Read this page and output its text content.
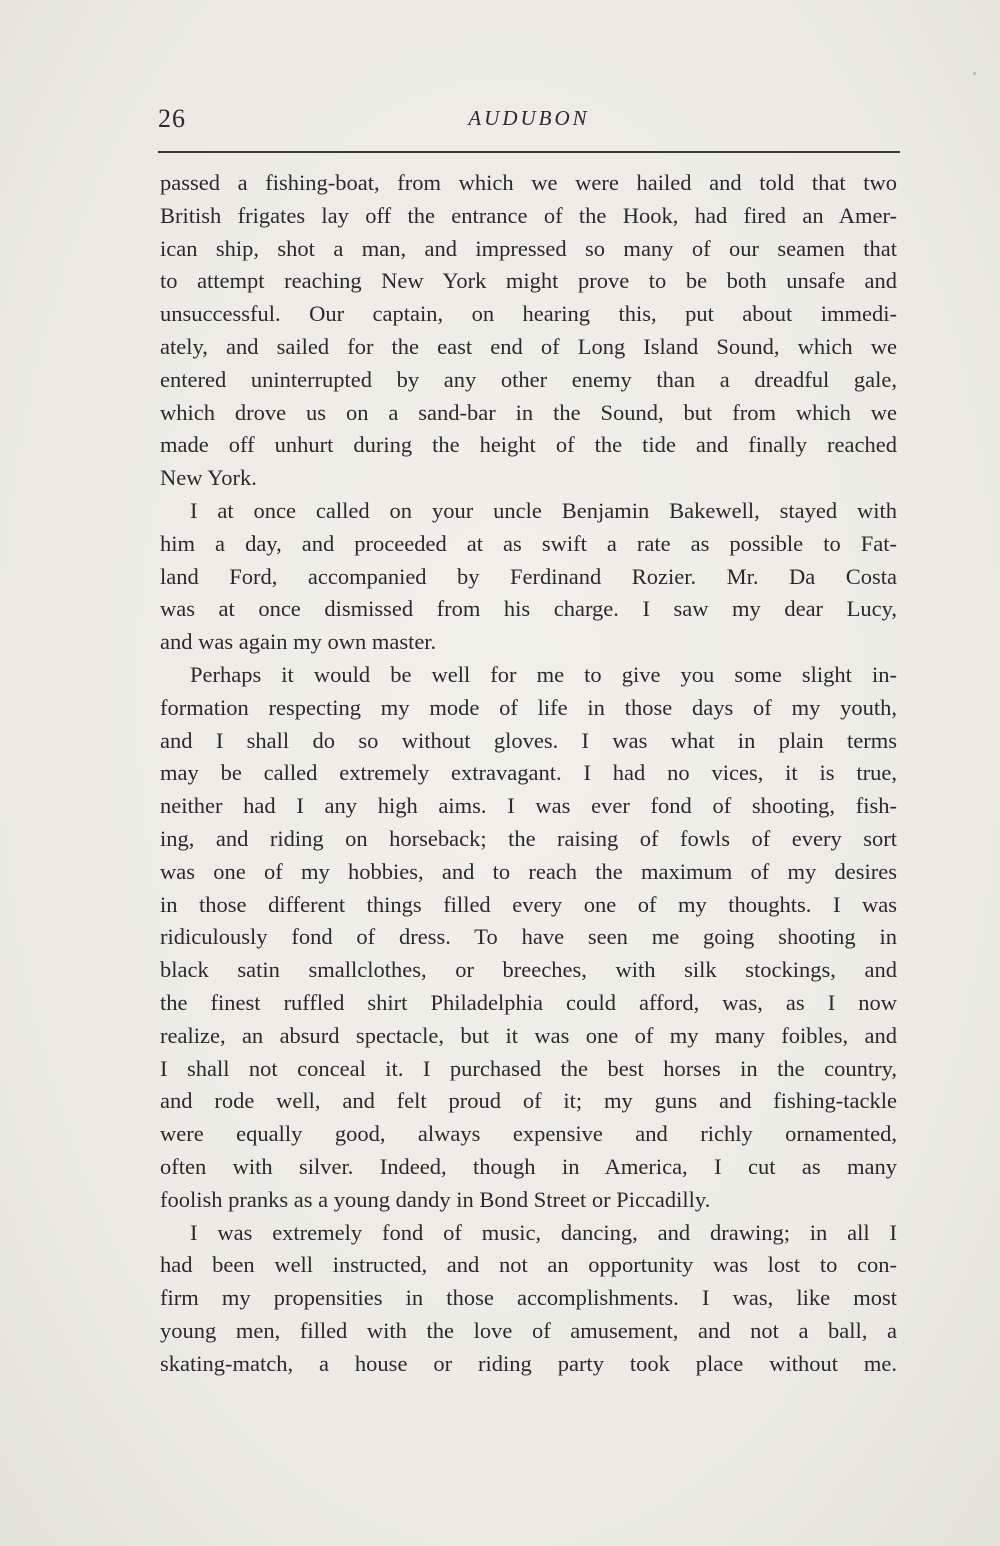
26	AUDUBON

passed a fishing-boat, from which we were hailed and told that two
British frigates lay off the entrance of the Hook, had fired an Amer-
ican ship, shot a man, and impressed so many of our seamen that
to attempt reaching New York might prove to be both unsafe and
unsuccessful. Our captain, on hearing this, put about immedi-
ately, and sailed for the east end of Long Island Sound, which we
entered uninterrupted by any other enemy than a dreadful gale,
which drove us on a sand-bar in the Sound, but from which we
made off unhurt during the height of the tide and finally reached
New York.

I at once called on your uncle Benjamin Bakewell, stayed with
him a day, and proceeded at as swift a rate as possible to Fat-
land Ford, accompanied by Ferdinand Rozier. Mr. Da Costa
was at once dismissed from his charge. I saw my dear Lucy,
and was again my own master.

Perhaps it would be well for me to give you some slight in-
formation respecting my mode of life in those days of my youth,
and I shall do so without gloves. I was what in plain terms
may be called extremely extravagant. I had no vices, it is true,
neither had I any high aims. I was ever fond of shooting, fish-
ing, and riding on horseback; the raising of fowls of every sort
was one of my hobbies, and to reach the maximum of my desires
in those different things filled every one of my thoughts. I was
ridiculously fond of dress. To have seen me going shooting in
black satin smallclothes, or breeches, with silk stockings, and
the finest ruffled shirt Philadelphia could afford, was, as I now
realize, an absurd spectacle, but it was one of my many foibles, and
I shall not conceal it. I purchased the best horses in the country,
and rode well, and felt proud of it; my guns and fishing-tackle
were equally good, always expensive and richly ornamented,
often with silver. Indeed, though in America, I cut as many
foolish pranks as a young dandy in Bond Street or Piccadilly.

I was extremely fond of music, dancing, and drawing; in all I
had been well instructed, and not an opportunity was lost to con-
firm my propensities in those accomplishments. I was, like most
young men, filled with the love of amusement, and not a ball, a
skating-match, a house or riding party took place without me.
